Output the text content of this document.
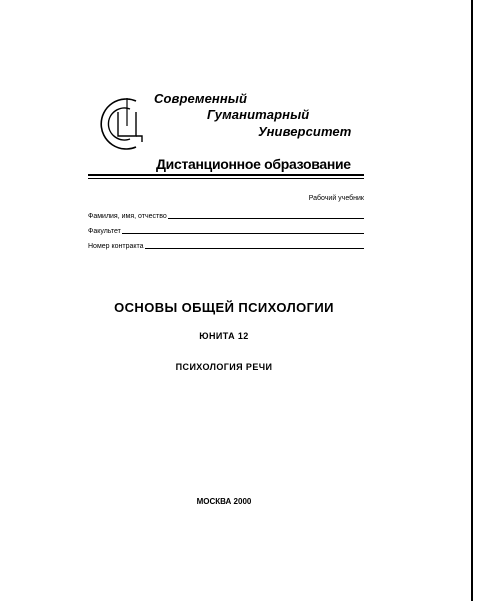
Современный
Гуманитарный
Университет
Дистанционное образование
Рабочий учебник
Фамилия, имя, отчество
Факультет
Номер контракта
ОСНОВЫ ОБЩЕЙ ПСИХОЛОГИИ
ЮНИТА 12
ПСИХОЛОГИЯ РЕЧИ
МОСКВА 2000
